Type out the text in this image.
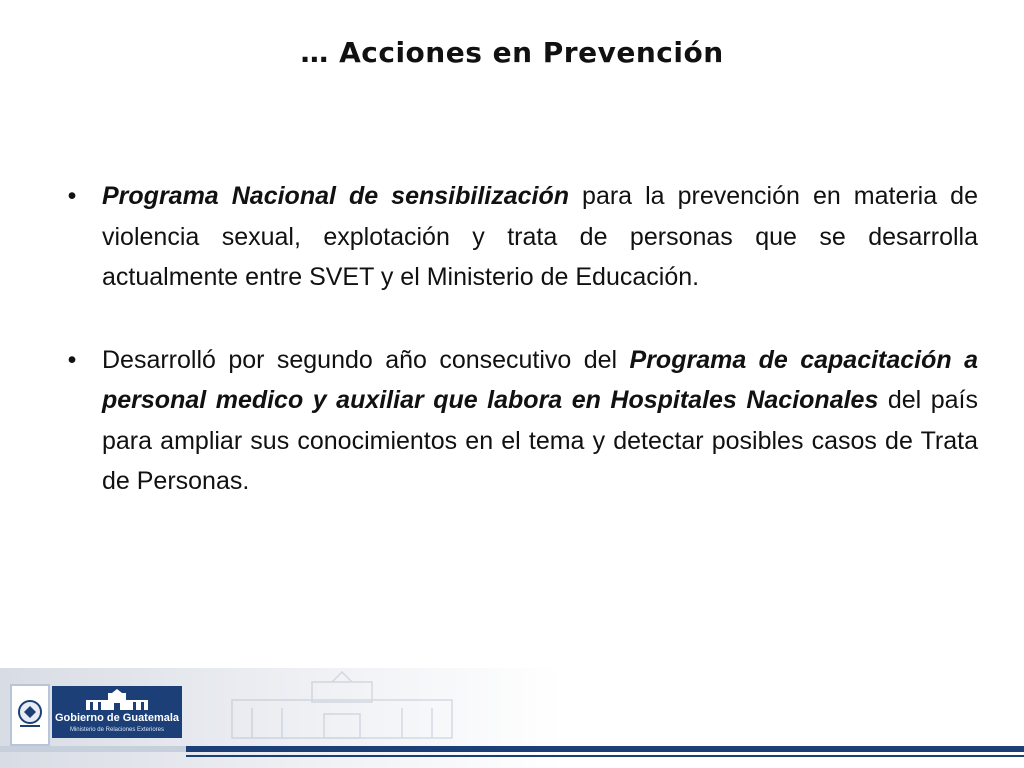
… Acciones en Prevención
• Programa Nacional de sensibilización para la prevención en materia de violencia sexual, explotación y trata de personas que se desarrolla actualmente entre SVET y el Ministerio de Educación.
• Desarrolló por segundo año consecutivo del Programa de capacitación a personal medico y auxiliar que labora en Hospitales Nacionales del país para ampliar sus conocimientos en el tema y detectar posibles casos de Trata de Personas.
Gobierno de Guatemala
Ministerio de Relaciones Exteriores
